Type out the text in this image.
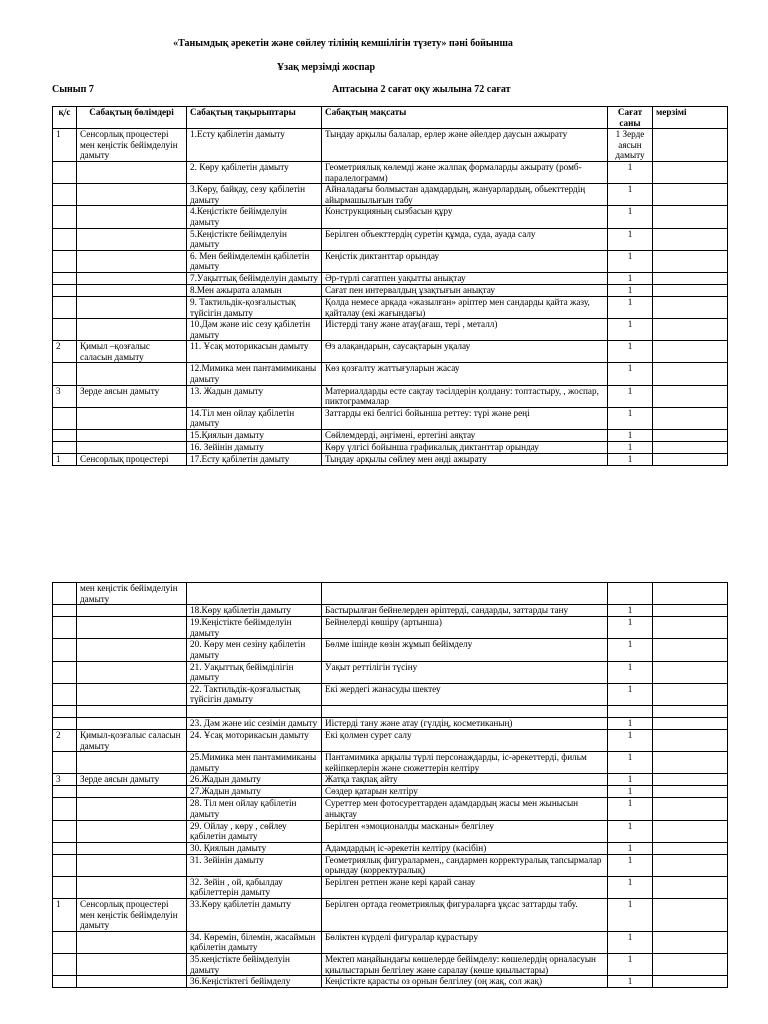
«Танымдық әрекетін және сөйлеу тілінің кемшілігін түзету» пәні бойынша
Ұзақ мерзімді жоспар
Сынып 7	Аптасына 2 сағат оқу жылына 72 сағат
қ/с	Сабақтың бөлімдері	Сабақтың тақырыптары	Сабақтың мақсаты	Сағат саны	мерзімі
1	Сенсорлық процестері мен кеңістік бейімделуін дамыту	1.Есту қабілетін дамыту	Тыңдау арқылы балалар, ерлер және әйелдер даусын ажырату	1 Зерде аясын дамыту	
		2. Көру қабілетін дамыту	Геометриялық көлемді және жалпақ формаларды ажырату (ромб-паралелограмм)	1	
		3.Көру, байқау, сезу қабілетін дамыту	Айналадағы болмыстан адамдардың, жануарлардың, обьекттердің айырмашылығын табу	1	
		4.Кеңістікте бейімделуін дамыту	Конструкцияның сызбасын құру	1	
		5.Кеңістікте бейімделуін дамыту	Берілген объекттердің суретін құмда, суда, ауада салу	1	
		6. Мен бейімделемін қабілетін дамыту	Кеңістік диктанттар орындау	1	
		7.Уақыттық бейімделуін дамыту	Әр-түрлі сағатпен уақытты анықтау	1	
		8.Мен ажырата аламын	Сағат пен интервалдың ұзақтығын анықтау	1	
		9. Тактильдік-қозғалыстық түйсігін дамыту	Қолда немесе арқада «жазылған» әріптер мен сандарды қайта жазу, қайталау (екі жағындағы)	1	
		10.Дәм және иіс сезу қабілетін дамыту	Иістерді тану және атау(ағаш, тері , металл)	1	
2	Қимыл –қозғалыс саласын дамыту	11. Ұсақ моторикасын дамыту	Өз алақандарын, саусақтарын уқалау	1	
		12.Мимика мен пантамимиканы дамыту	Көз қозғалту жаттығуларын жасау	1	
3	Зерде аясын дамыту	13. Жадын дамыту	Материалдарды есте сақтау тәсілдерін қолдану: топтастыру, , жоспар, пиктограммалар	1	
		14.Тіл мен ойлау қабілетін дамыту	Заттарды екі белгісі бойынша реттеу: түрі және реңі	1	
		15.Қиялын дамыту	Сөйлемдерді, әңгімені, ертегіні аяқтау	1	
		16. Зейінін дамыту	Көру үлгісі бойынша графикалық диктанттар орындау	1	
1	Сенсорлық процестері	17.Есту қабілетін дамыту	Тыңдау арқылы сөйлеу мен әнді ажырату	1	
	мен кеңістік бейімделуін дамыту				
		18.Көру қабілетін дамыту	Бастырылған бейнелерден әріптерді, сандарды, заттарды тану	1	
		19.Кеңістікте бейімделуін дамыту	Бейнелерді көшіру (артынша)	1	
		20. Көру мен сезіну қабілетін дамыту	Бөлме ішінде көзін жұмып бейімделу	1	
		21. Уақыттық бейімділігін дамыту	Уақыт реттілігін түсіну	1	
		22. Тактильдік-қозғалыстық түйсігін дамыту	Екі жердегі жанасуды шектеу	1	

		23. Дәм және иіс сезімін дамыту	Иістерді тану және атау (гүлдің, косметиканың)	1	
2	Қимыл-қозғалыс саласын дамыту	24. Ұсақ моторикасын дамыту	Екі қолмен сурет салу	1	
		25.Мимика мен пантамимиканы дамыту	Пантамимика арқылы түрлі персонаждарды, іс-әрекеттерді, фильм кейіпкерлерін және сюжеттерін келтіру	1	
3	Зерде аясын дамыту	26.Жадын дамыту	Жатқа тақпақ айту	1	
		27.Жадын дамыту	Сөздер қатарын келтіру	1	
		28. Тіл мен ойлау қабілетін дамыту	Суреттер мен фотосуреттарден адамдардың жасы мен жынысын анықтау	1	
		29. Ойлау , көру , сөйлеу қабілетін дамыту	Берілген «эмоционалды масканы» белгілеу	1	
		30. Қиялын дамыту	Адамдардың іс-әрекетін келтіру (кәсібін)	1	
		31. Зейінін дамыту	Геометриялық фигуралармен,, сандармен корректуралық тапсырмалар орындау (корректуралық)	1	
		32. Зейін , ой, қабылдау қабілеттерін дамыту	Берілген ретпен және кері қарай санау	1	
1	Сенсорлық процестері мен кеңістік бейімделуін дамыту	33.Көру қабілетін дамыту	Берілген ортада геометриялық фигураларға ұқсас заттарды табу.	1	
		34. Көремін, білемін, жасаймын қабілетін дамыту	Бөліктен күрделі фигуралар құрастыру	1	
		35.кеңістікте бейімделуін дамыту	Мектеп маңайындағы көшелерде бейімделу: көшелердің орналасуын қиылыстарын белгілеу және саралау (көше қиылыстары)	1	
		36.Кеңістіктегі бейімделу	Кеңістікте қарасты оз орнын белгілеу (оң жақ, сол жақ)	1	
